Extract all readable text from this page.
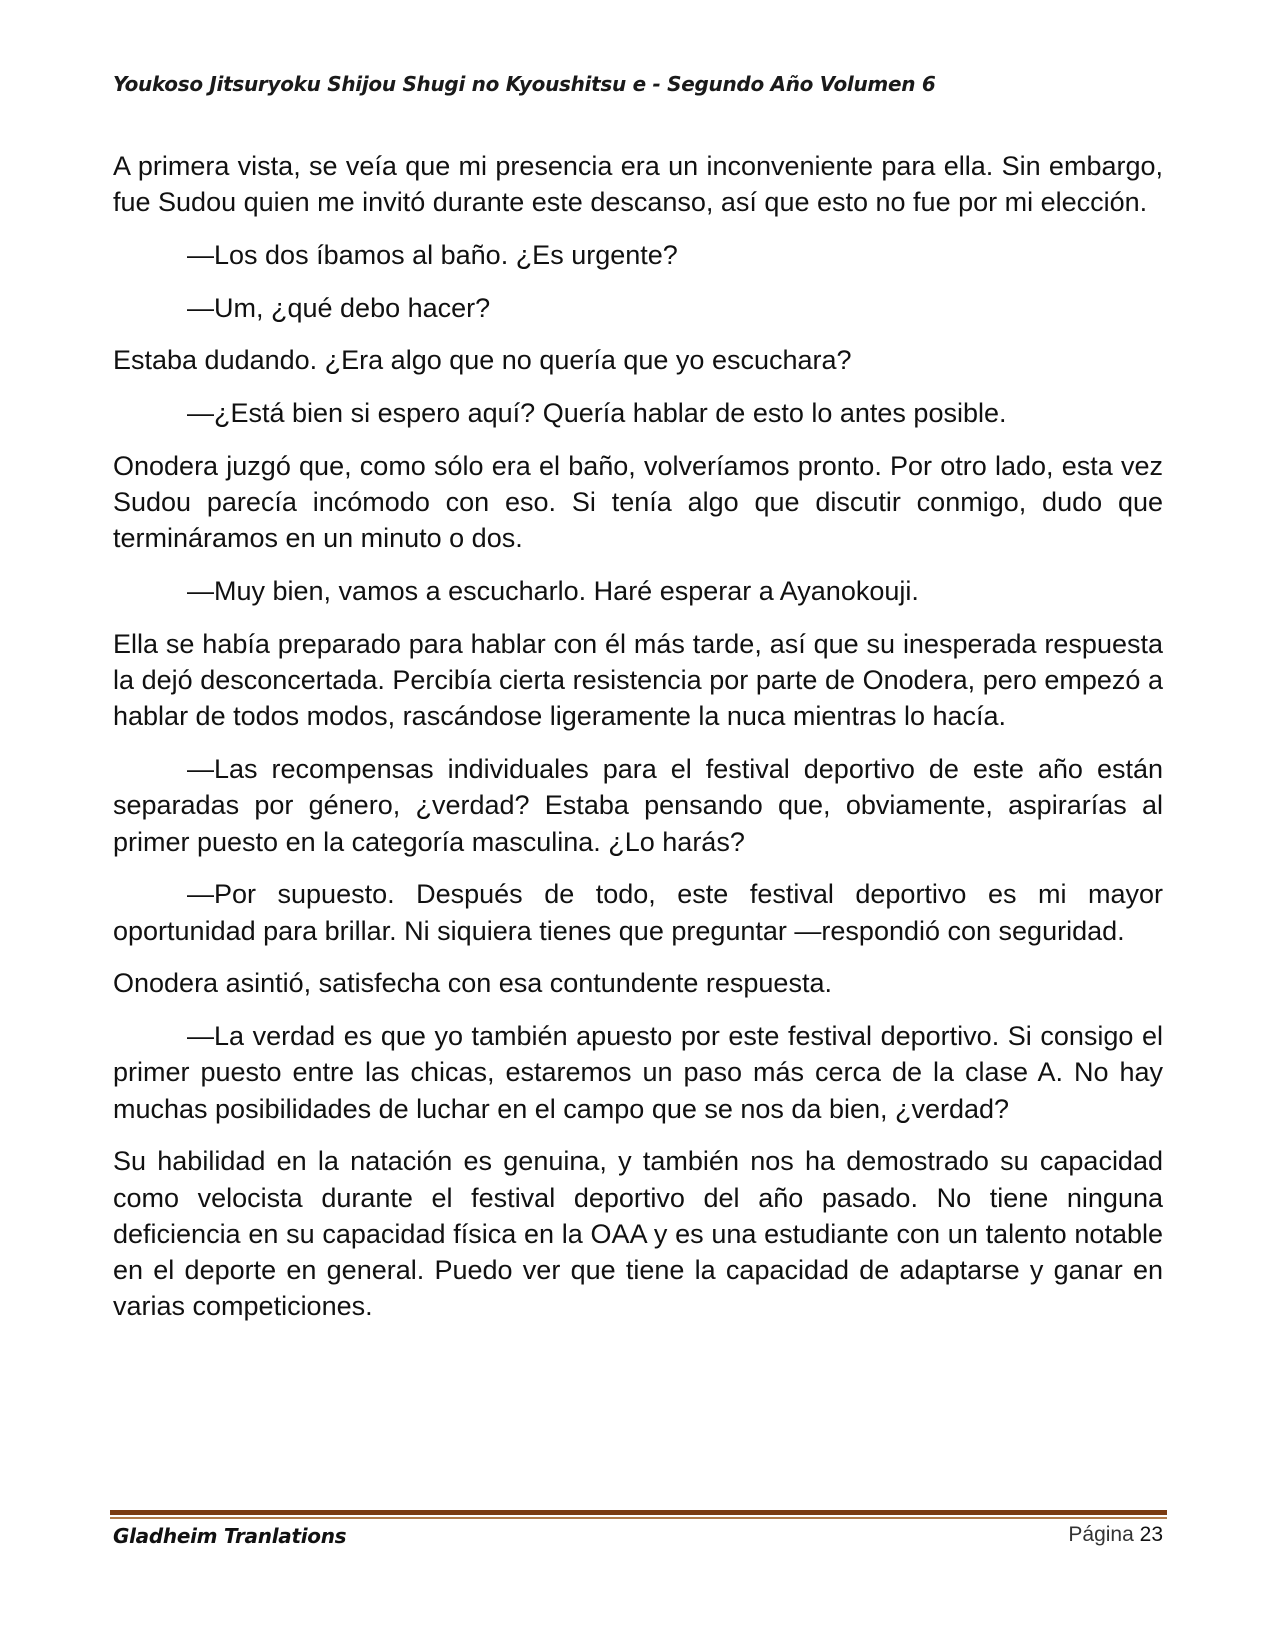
Youkoso Jitsuryoku Shijou Shugi no Kyoushitsu e - Segundo Año Volumen 6

A primera vista, se veía que mi presencia era un inconveniente para ella. Sin embargo, fue Sudou quien me invitó durante este descanso, así que esto no fue por mi elección.

—Los dos íbamos al baño. ¿Es urgente?

—Um, ¿qué debo hacer?

Estaba dudando. ¿Era algo que no quería que yo escuchara?

—¿Está bien si espero aquí? Quería hablar de esto lo antes posible.

Onodera juzgó que, como sólo era el baño, volveríamos pronto. Por otro lado, esta vez Sudou parecía incómodo con eso. Si tenía algo que discutir conmigo, dudo que termináramos en un minuto o dos.

—Muy bien, vamos a escucharlo. Haré esperar a Ayanokouji.

Ella se había preparado para hablar con él más tarde, así que su inesperada respuesta la dejó desconcertada. Percibía cierta resistencia por parte de Onodera, pero empezó a hablar de todos modos, rascándose ligeramente la nuca mientras lo hacía.

—Las recompensas individuales para el festival deportivo de este año están separadas por género, ¿verdad? Estaba pensando que, obviamente, aspirarías al primer puesto en la categoría masculina. ¿Lo harás?

—Por supuesto. Después de todo, este festival deportivo es mi mayor oportunidad para brillar. Ni siquiera tienes que preguntar —respondió con seguridad.

Onodera asintió, satisfecha con esa contundente respuesta.

—La verdad es que yo también apuesto por este festival deportivo. Si consigo el primer puesto entre las chicas, estaremos un paso más cerca de la clase A. No hay muchas posibilidades de luchar en el campo que se nos da bien, ¿verdad?

Su habilidad en la natación es genuina, y también nos ha demostrado su capacidad como velocista durante el festival deportivo del año pasado. No tiene ninguna deficiencia en su capacidad física en la OAA y es una estudiante con un talento notable en el deporte en general. Puedo ver que tiene la capacidad de adaptarse y ganar en varias competiciones.

Gladheim Tranlations	Página 23
